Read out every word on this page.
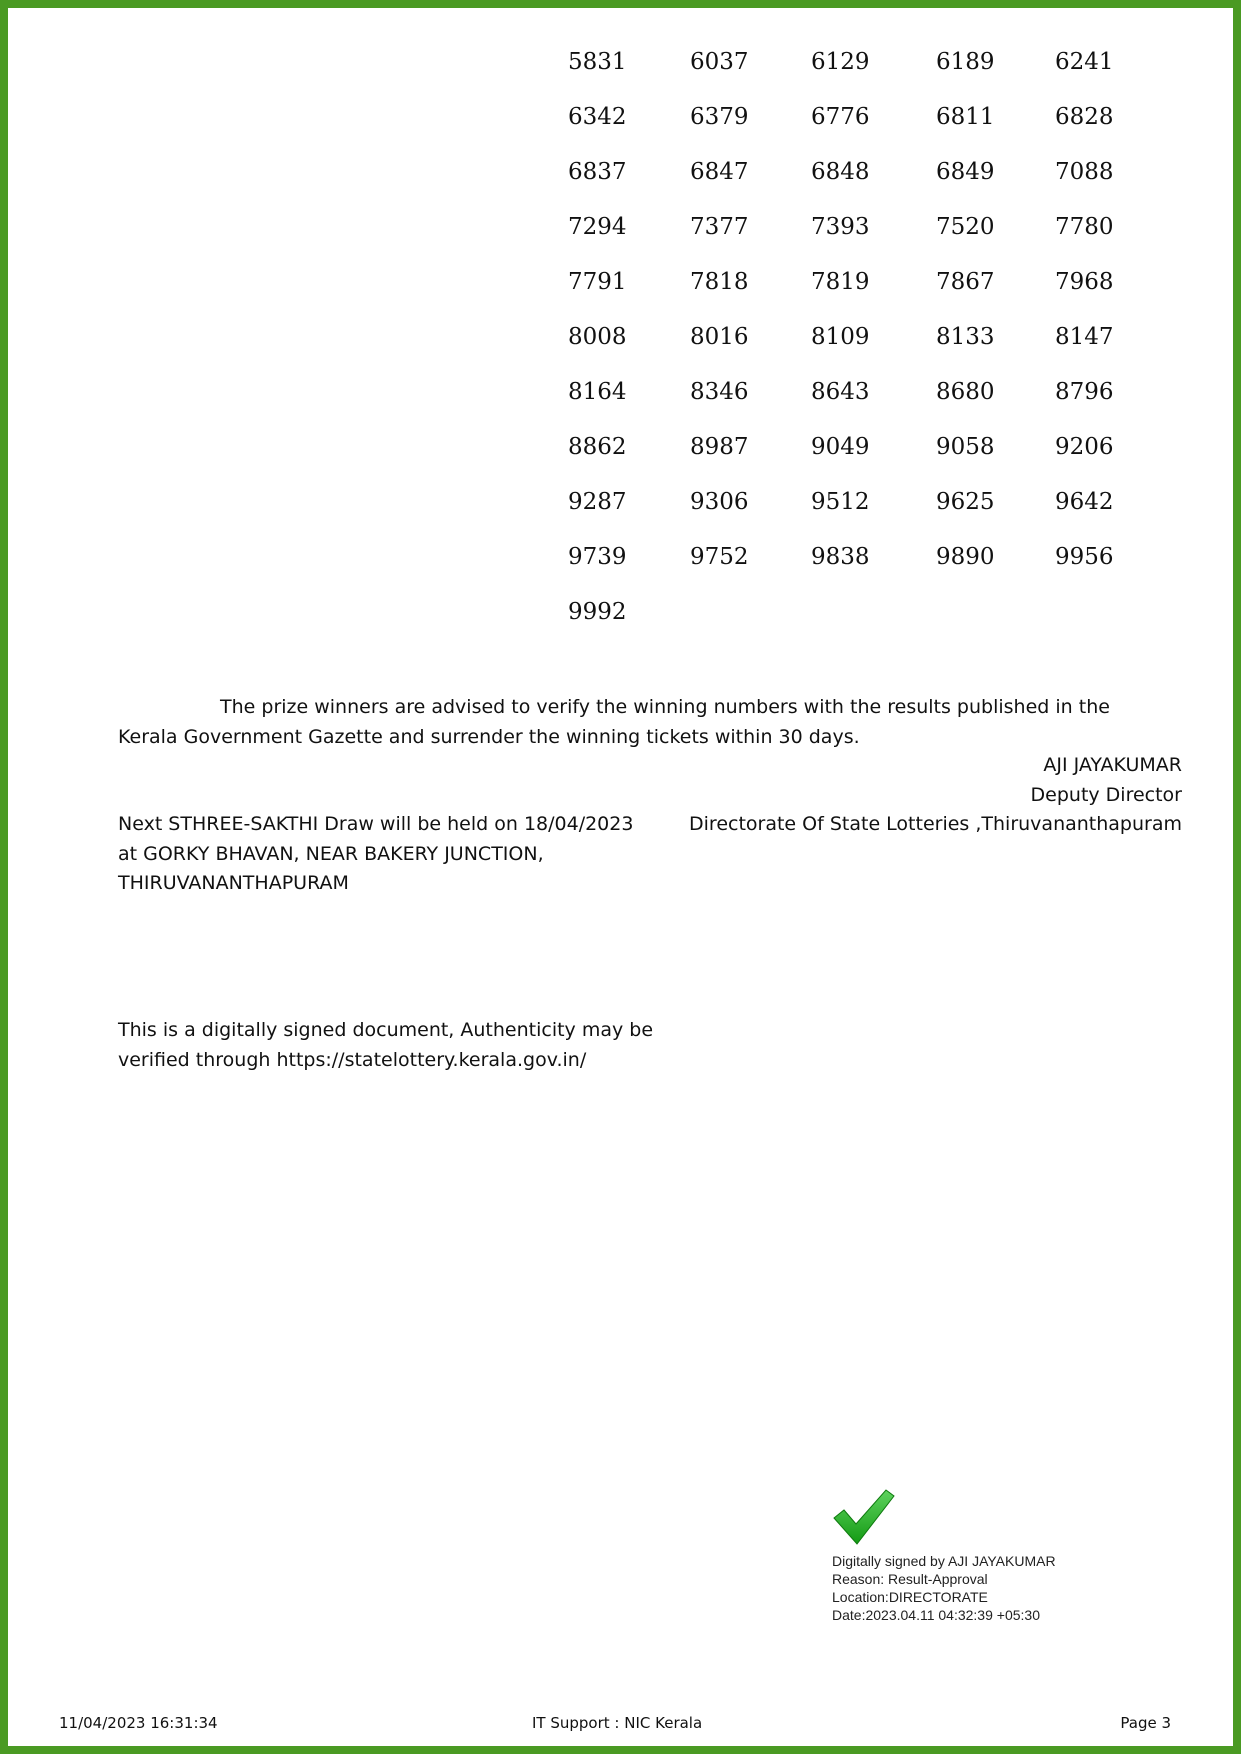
5831	6037	6129	6189	6241
6342	6379	6776	6811	6828
6837	6847	6848	6849	7088
7294	7377	7393	7520	7780
7791	7818	7819	7867	7968
8008	8016	8109	8133	8147
8164	8346	8643	8680	8796
8862	8987	9049	9058	9206
9287	9306	9512	9625	9642
9739	9752	9838	9890	9956
9992
The prize winners are advised to verify the winning numbers with the results published in the Kerala Government Gazette and surrender the winning tickets within 30 days.
AJI JAYAKUMAR
Deputy Director
Directorate Of State Lotteries ,Thiruvananthapuram
Next STHREE-SAKTHI Draw will be held on 18/04/2023
at GORKY BHAVAN, NEAR BAKERY JUNCTION,
THIRUVANANTHAPURAM
This is a digitally signed document, Authenticity may be
verified through https://statelottery.kerala.gov.in/
Digitally signed by AJI JAYAKUMAR
Reason: Result-Approval
Location:DIRECTORATE
Date:2023.04.11 04:32:39 +05:30
11/04/2023 16:31:34	IT Support : NIC Kerala	Page 3
